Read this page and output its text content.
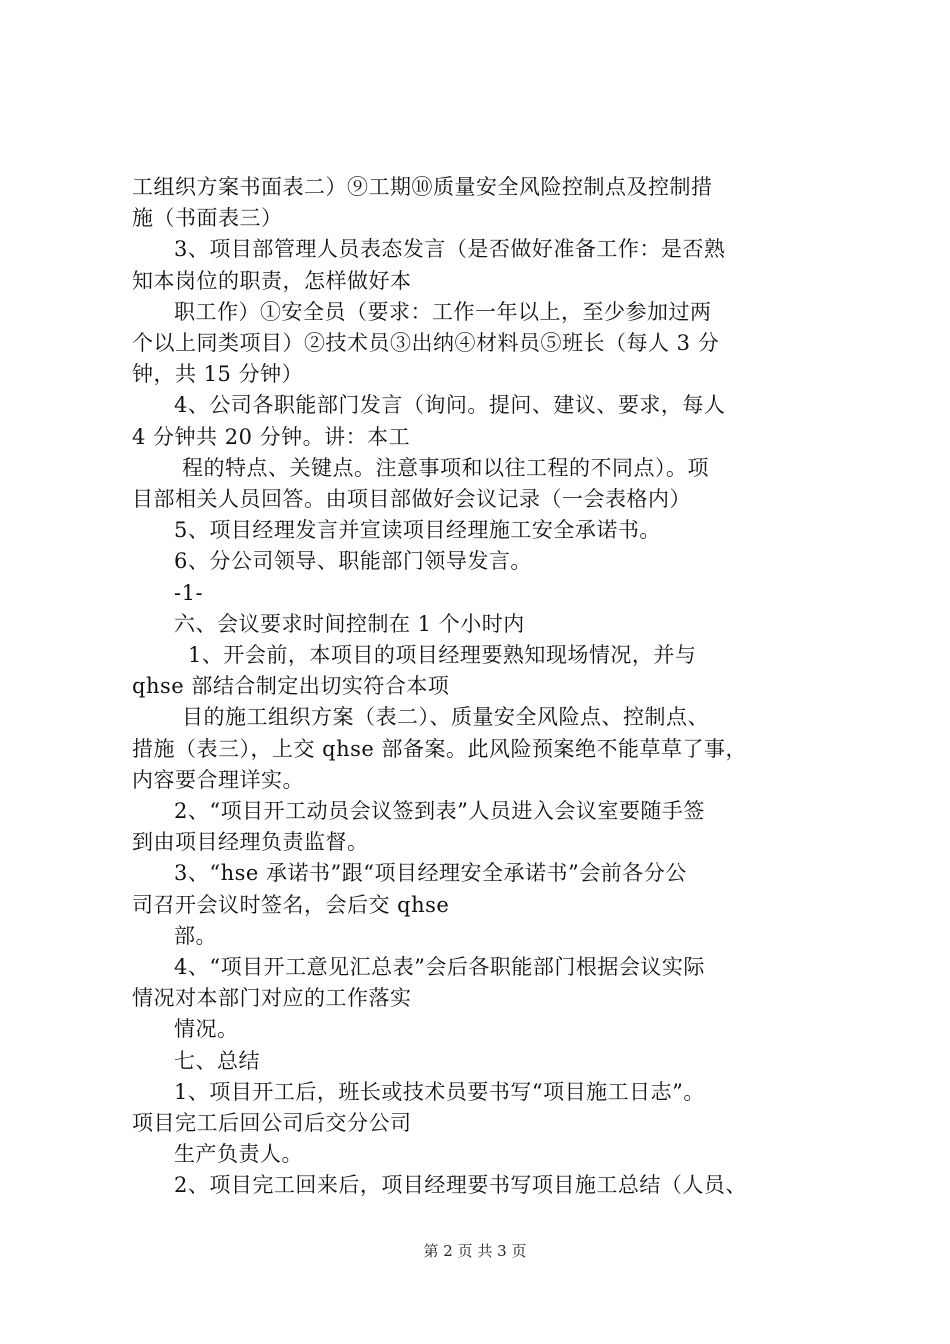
工组织方案书面表二）⑨工期⑩质量安全风险控制点及控制措
施（书面表三）
3、项目部管理人员表态发言（是否做好准备工作：是否熟
知本岗位的职责，怎样做好本
职工作）①安全员（要求：工作一年以上，至少参加过两
个以上同类项目）②技术员③出纳④材料员⑤班长（每人 3 分
钟，共 15 分钟）
4、公司各职能部门发言（询问。提问、建议、要求，每人
4 分钟共 20 分钟。讲：本工
程的特点、关键点。注意事项和以往工程的不同点）。项
目部相关人员回答。由项目部做好会议记录（一会表格内）
5、项目经理发言并宣读项目经理施工安全承诺书。
6、分公司领导、职能部门领导发言。
-1-
六、会议要求时间控制在 1 个小时内
1、开会前，本项目的项目经理要熟知现场情况，并与
qhse 部结合制定出切实符合本项
目的施工组织方案（表二）、质量安全风险点、控制点、
措施（表三），上交 qhse 部备案。此风险预案绝不能草草了事，
内容要合理详实。
2、“项目开工动员会议签到表”人员进入会议室要随手签
到由项目经理负责监督。
3、“hse 承诺书”跟“项目经理安全承诺书”会前各分公
司召开会议时签名，会后交 qhse
部。
4、“项目开工意见汇总表”会后各职能部门根据会议实际
情况对本部门对应的工作落实
情况。
七、总结
1、项目开工后，班长或技术员要书写“项目施工日志”。
项目完工后回公司后交分公司
生产负责人。
2、项目完工回来后，项目经理要书写项目施工总结（人员、
第 2 页 共 3 页
